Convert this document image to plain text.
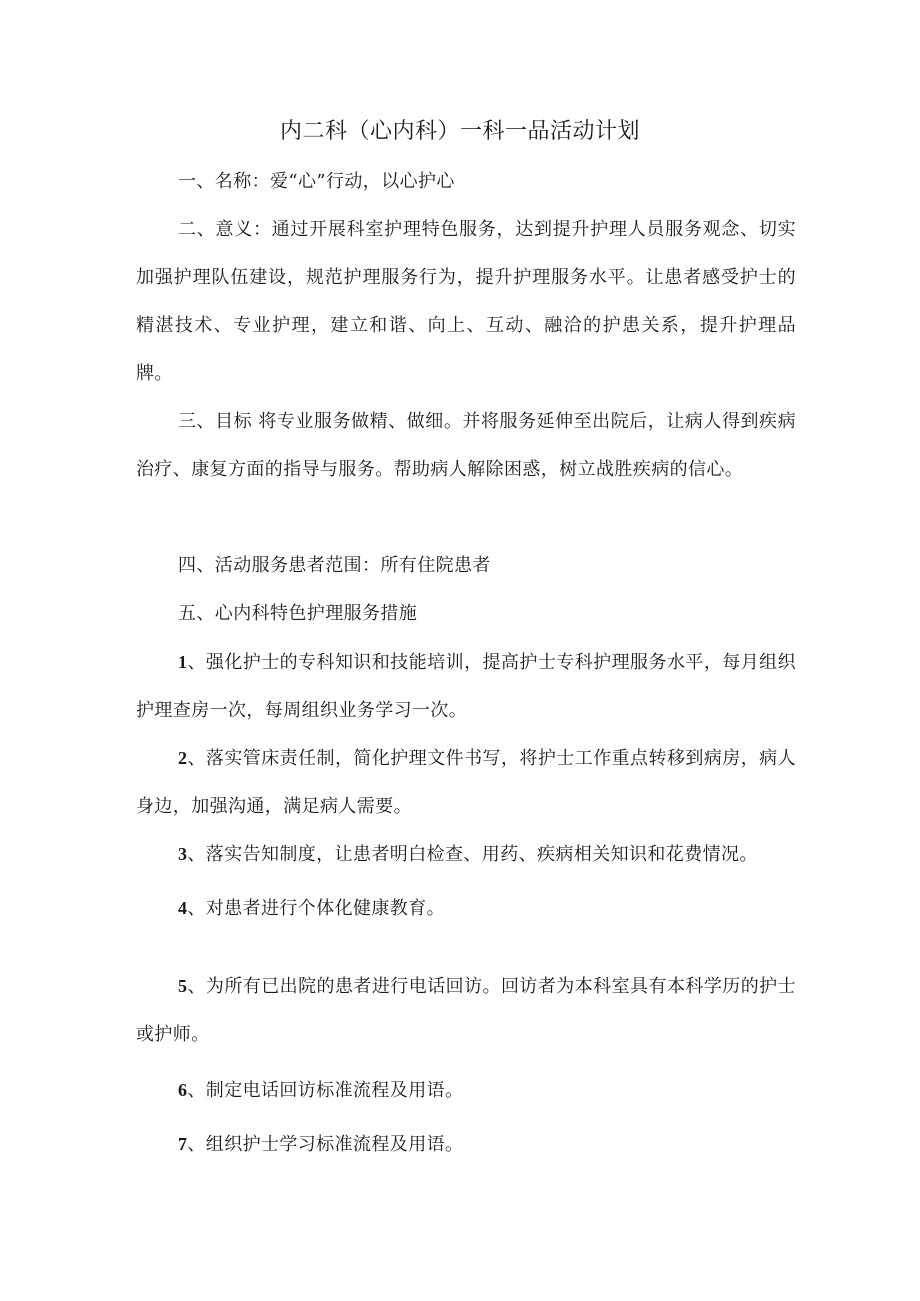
内二科（心内科）一科一品活动计划

一、名称：爱“心”行动，以心护心

二、意义：通过开展科室护理特色服务，达到提升护理人员服务观念、切实加强护理队伍建设，规范护理服务行为，提升护理服务水平。让患者感受护士的精湛技术、专业护理，建立和谐、向上、互动、融洽的护患关系，提升护理品牌。

三、目标 将专业服务做精、做细。并将服务延伸至出院后，让病人得到疾病治疗、康复方面的指导与服务。帮助病人解除困惑，树立战胜疾病的信心。

四、活动服务患者范围：所有住院患者

五、心内科特色护理服务措施

1、强化护士的专科知识和技能培训，提高护士专科护理服务水平，每月组织护理查房一次，每周组织业务学习一次。

2、落实管床责任制，简化护理文件书写，将护士工作重点转移到病房，病人身边，加强沟通，满足病人需要。

3、落实告知制度，让患者明白检查、用药、疾病相关知识和花费情况。

4、对患者进行个体化健康教育。

5、为所有已出院的患者进行电话回访。回访者为本科室具有本科学历的护士或护师。

6、制定电话回访标准流程及用语。

7、组织护士学习标准流程及用语。
